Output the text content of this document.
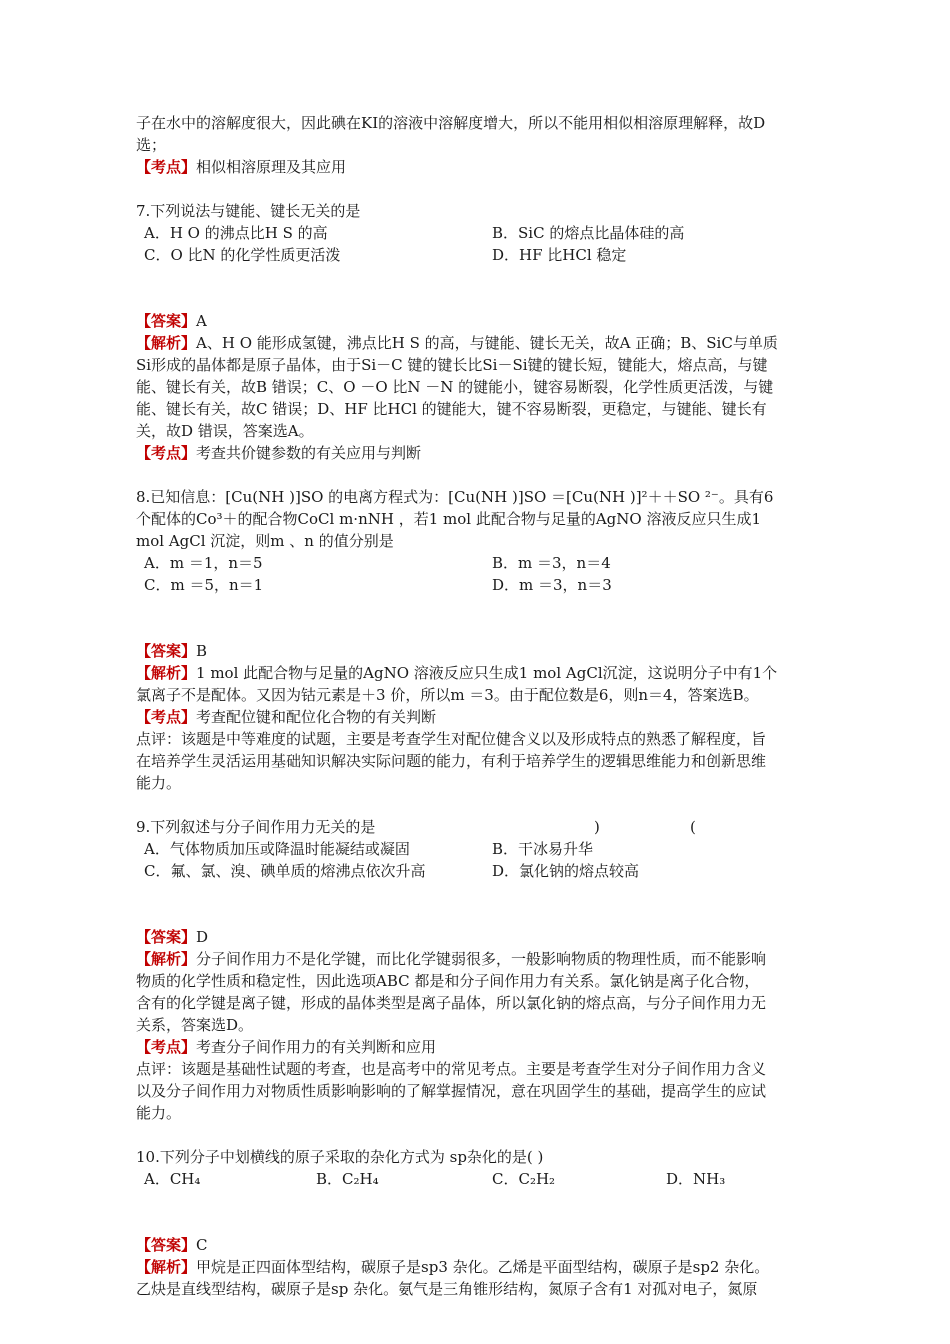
子在水中的溶解度很大，因此碘在KI的溶液中溶解度增大，所以不能用相似相溶原理解释，故D
选；
【考点】相似相溶原理及其应用
7.下列说法与键能、键长无关的是
A．H O 的沸点比H S 的高	B．SiC 的熔点比晶体硅的高
C．O 比N 的化学性质更活泼	D．HF 比HCl 稳定
【答案】A
【解析】A、H O 能形成氢键，沸点比H S 的高，与键能、键长无关，故A 正确；B、SiC与单质
Si形成的晶体都是原子晶体，由于Si－C 键的键长比Si－Si键的键长短，键能大，熔点高，与键
能、键长有关，故B 错误；C、O －O 比N －N 的键能小，键容易断裂，化学性质更活泼，与键
能、键长有关，故C 错误；D、HF 比HCl 的键能大，键不容易断裂，更稳定，与键能、键长有
关，故D 错误，答案选A。
【考点】考查共价键参数的有关应用与判断
8.已知信息：[Cu(NH )]SO 的电离方程式为：[Cu(NH )]SO ＝[Cu(NH )]²＋＋SO ²⁻。具有6
个配体的Co³＋的配合物CoCl m·nNH ，若1 mol 此配合物与足量的AgNO 溶液反应只生成1
mol AgCl 沉淀，则m 、n 的值分别是
A．m ＝1，n＝5	B．m ＝3，n＝4
C．m ＝5，n＝1	D．m ＝3，n＝3
【答案】B
【解析】1 mol 此配合物与足量的AgNO 溶液反应只生成1 mol AgCl沉淀，这说明分子中有1个
氯离子不是配体。又因为钴元素是＋3 价，所以m ＝3。由于配位数是6，则n＝4，答案选B。
【考点】考查配位键和配位化合物的有关判断
点评：该题是中等难度的试题，主要是考查学生对配位健含义以及形成特点的熟悉了解程度，旨
在培养学生灵活运用基础知识解决实际问题的能力，有利于培养学生的逻辑思维能力和创新思维
能力。
9.下列叙述与分子间作用力无关的是	)	(
A．气体物质加压或降温时能凝结或凝固	B．干冰易升华
C．氟、氯、溴、碘单质的熔沸点依次升高	D．氯化钠的熔点较高
【答案】D
【解析】分子间作用力不是化学键，而比化学键弱很多，一般影响物质的物理性质，而不能影响
物质的化学性质和稳定性，因此选项ABC 都是和分子间作用力有关系。氯化钠是离子化合物，
含有的化学键是离子键，形成的晶体类型是离子晶体，所以氯化钠的熔点高，与分子间作用力无
关系，答案选D。
【考点】考查分子间作用力的有关判断和应用
点评：该题是基础性试题的考查，也是高考中的常见考点。主要是考查学生对分子间作用力含义
以及分子间作用力对物质性质影响影响的了解掌握情况，意在巩固学生的基础，提高学生的应试
能力。
10.下列分子中划横线的原子采取的杂化方式为 sp杂化的是( )
A．CH₄	B．C₂H₄	C．C₂H₂	D．NH₃
【答案】C
【解析】甲烷是正四面体型结构，碳原子是sp3 杂化。乙烯是平面型结构，碳原子是sp2 杂化。
乙炔是直线型结构，碳原子是sp 杂化。氨气是三角锥形结构，氮原子含有1 对孤对电子，氮原
